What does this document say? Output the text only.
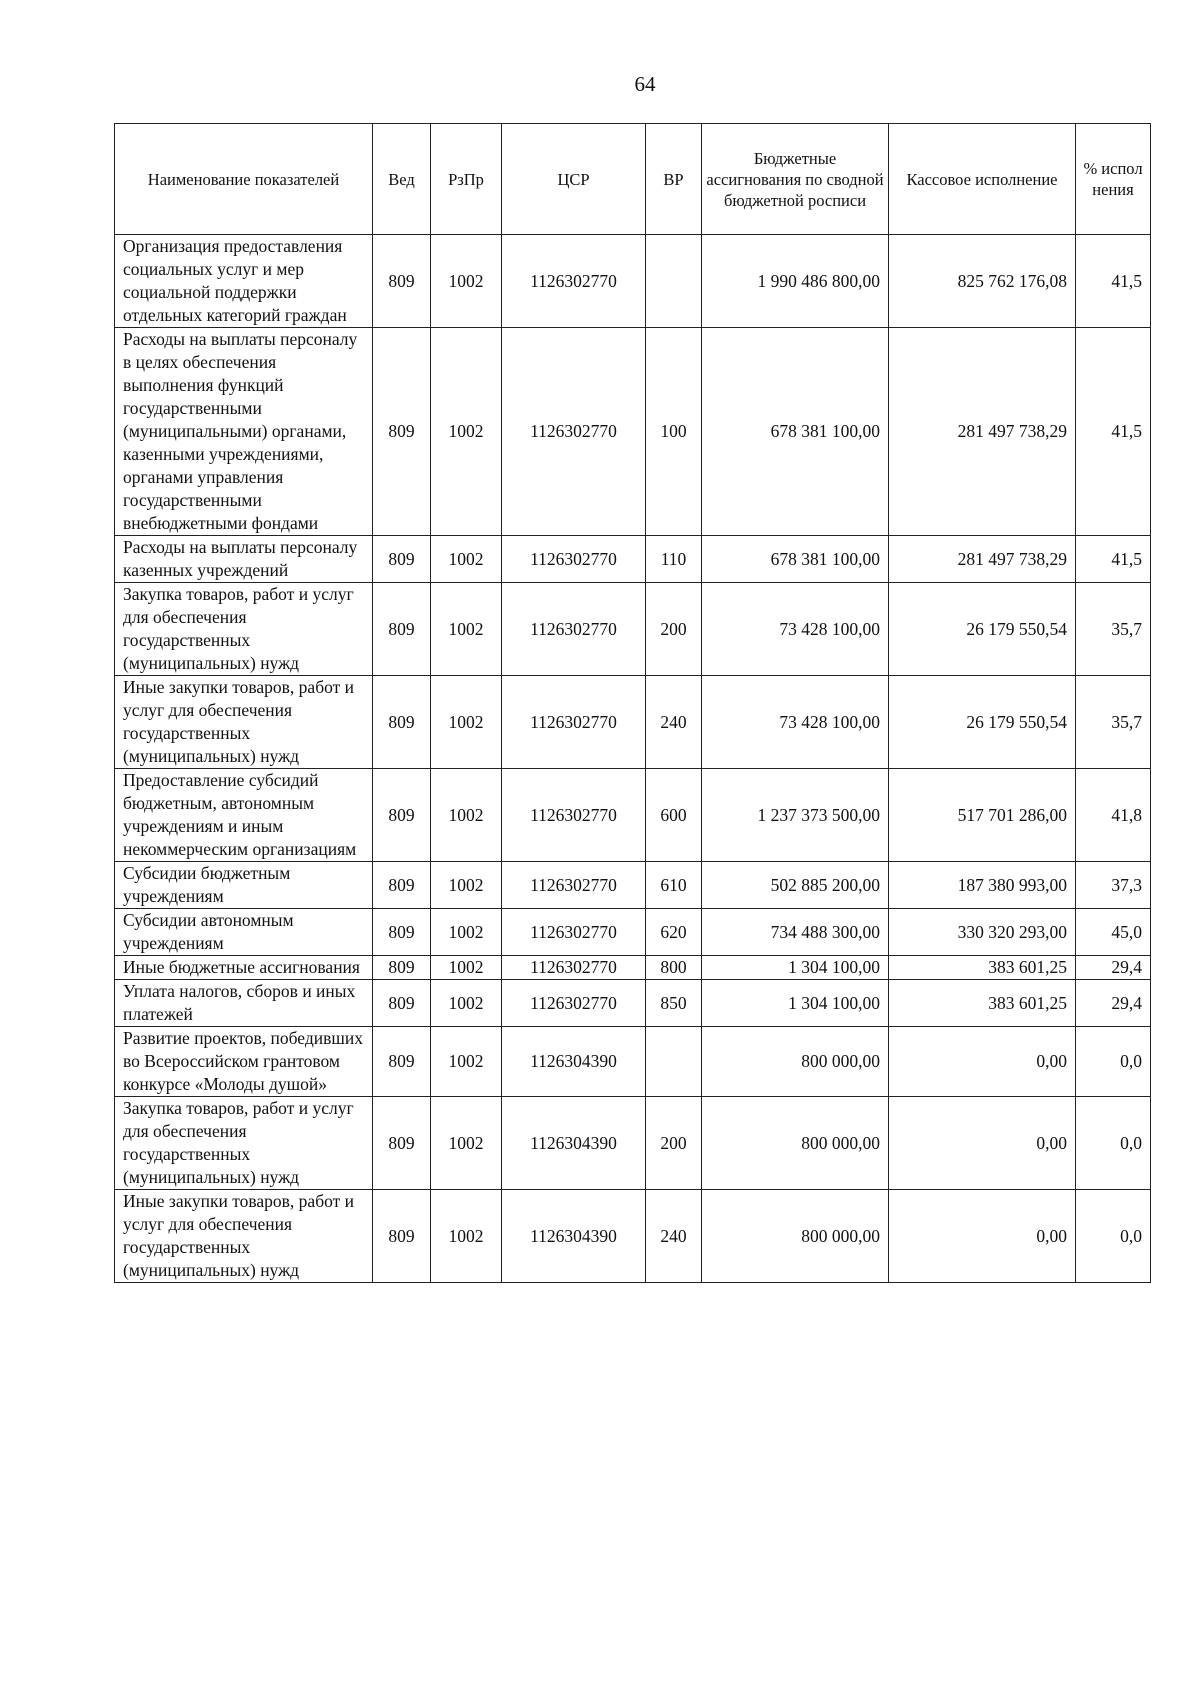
64
Наименование показателей	Вед	РзПр	ЦСР	ВР	Бюджетные ассигнования по сводной бюджетной росписи	Кассовое исполнение	% испол нения
Организация предоставления социальных услуг и мер социальной поддержки отдельных категорий граждан	809	1002	1126302770		1 990 486 800,00	825 762 176,08	41,5
Расходы на выплаты персоналу в целях обеспечения выполнения функций государственными (муниципальными) органами, казенными учреждениями, органами управления государственными внебюджетными фондами	809	1002	1126302770	100	678 381 100,00	281 497 738,29	41,5
Расходы на выплаты персоналу казенных учреждений	809	1002	1126302770	110	678 381 100,00	281 497 738,29	41,5
Закупка товаров, работ и услуг для обеспечения государственных (муниципальных) нужд	809	1002	1126302770	200	73 428 100,00	26 179 550,54	35,7
Иные закупки товаров, работ и услуг для обеспечения государственных (муниципальных) нужд	809	1002	1126302770	240	73 428 100,00	26 179 550,54	35,7
Предоставление субсидий бюджетным, автономным учреждениям и иным некоммерческим организациям	809	1002	1126302770	600	1 237 373 500,00	517 701 286,00	41,8
Субсидии бюджетным учреждениям	809	1002	1126302770	610	502 885 200,00	187 380 993,00	37,3
Субсидии автономным учреждениям	809	1002	1126302770	620	734 488 300,00	330 320 293,00	45,0
Иные бюджетные ассигнования	809	1002	1126302770	800	1 304 100,00	383 601,25	29,4
Уплата налогов, сборов и иных платежей	809	1002	1126302770	850	1 304 100,00	383 601,25	29,4
Развитие проектов, победивших во Всероссийском грантовом конкурсе «Молоды душой»	809	1002	1126304390		800 000,00	0,00	0,0
Закупка товаров, работ и услуг для обеспечения государственных (муниципальных) нужд	809	1002	1126304390	200	800 000,00	0,00	0,0
Иные закупки товаров, работ и услуг для обеспечения государственных (муниципальных) нужд	809	1002	1126304390	240	800 000,00	0,00	0,0
